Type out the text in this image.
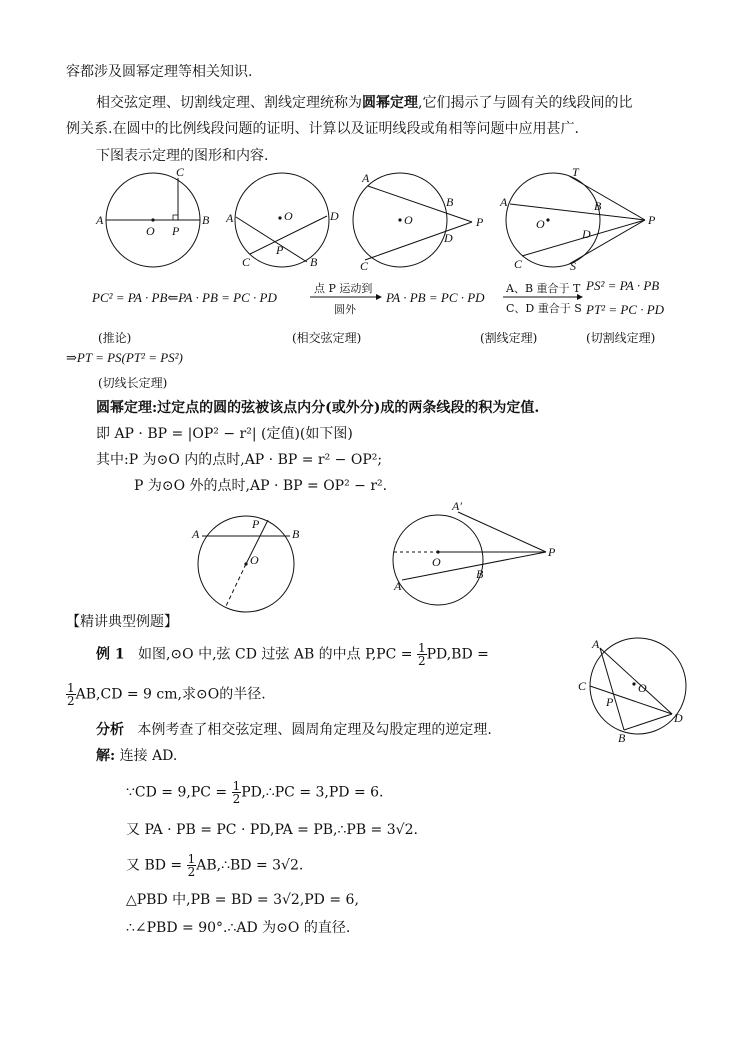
容都涉及圆幂定理等相关知识.
相交弦定理、切割线定理、割线定理统称为圆幂定理,它们揭示了与圆有关的线段间的比
例关系.在圆中的比例线段问题的证明、计算以及证明线段或角相等问题中应用甚广.
下图表示定理的图形和内容.
C
A
O P
B	O
A	D
P
C	B
A
O
B
P
D
C
T
A	B
O	P
D
C	S
PC² = PA · PB⇐PA · PB = PC · PD
点 P 运动到
圆外
PA · PB = PC · PD
A、B 重合于 T
C、D 重合于 S
PS² = PA · PB
PT² = PC · PD
(推论)	(相交弦定理)	(割线定理)	(切割线定理)
⇒PT = PS(PT² = PS²)
(切线长定理)
圆幂定理:过定点的圆的弦被该点内分(或外分)成的两条线段的积为定值.
即 AP · BP = |OP² − r²| (定值)(如下图)
其中:P 为⊙O 内的点时,AP · BP = r² − OP²;
P 为⊙O 外的点时,AP · BP = OP² − r².
P
A	B
O
A′
O
P
B
A
【精讲典型例题】
例 1 如图,⊙O 中,弦 CD 过弦 AB 的中点 $P,PC = \frac{1}{2} PD,BD$ =
$\frac{1}{2} AB,CD = 9$ cm,求⊙O的半径.
A
C	O
P
D
B
分析 本例考查了相交弦定理、圆周角定理及勾股定理的逆定理.
解: 连接 AD.
∵CD = $9,PC = \frac{1}{2}$ PD,∴PC = 3,PD = 6.
又 PA · PB = PC · PD,PA = PB,∴PB = 3√2.
又 BD = $\frac{1}{2}$ AB,∴BD = 3√2.
△PBD 中,PB = BD = 3√2,PD = 6,
∴∠PBD = 90°.∴AD 为⊙O 的直径.
